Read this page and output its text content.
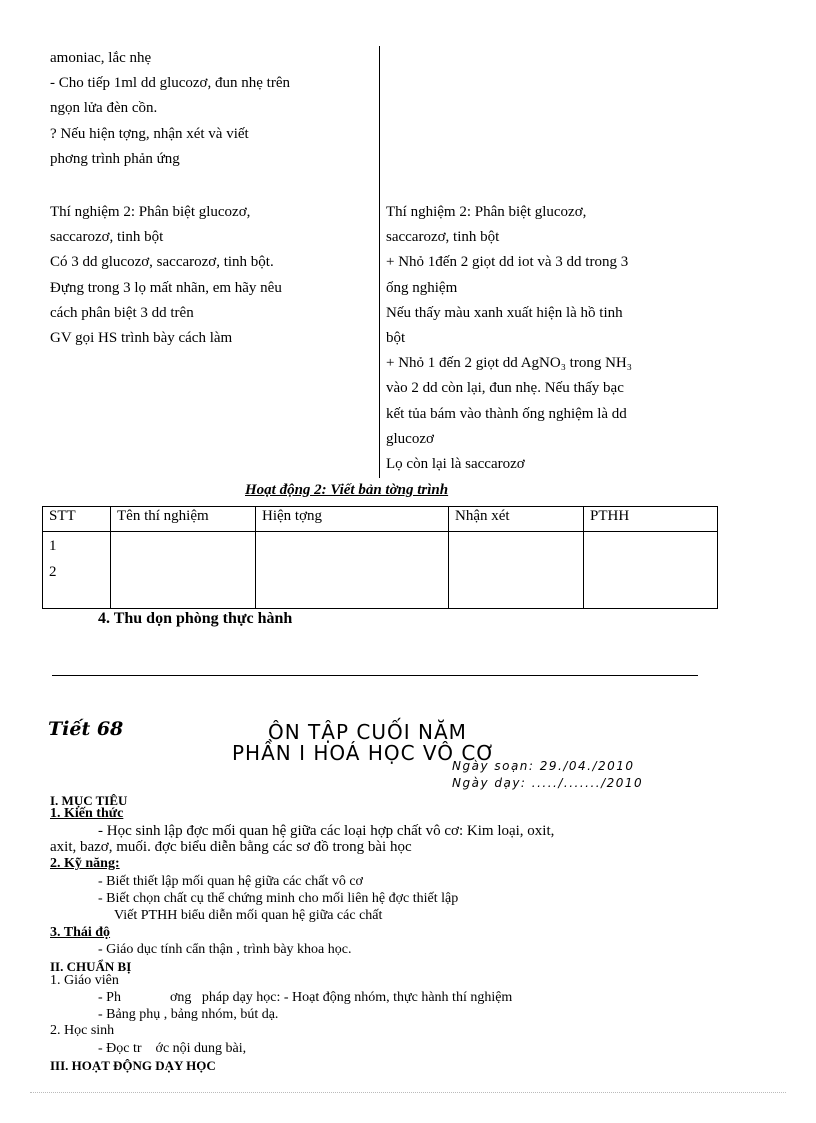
amoniac, lắc nhẹ
- Cho tiếp 1ml dd glucozơ, đun nhẹ trên
ngọn lửa đèn cồn.
? Nếu hiện tợng, nhận xét và viết
phơng trình phản ứng
Thí nghiệm 2: Phân biệt glucozơ,
saccarozơ, tinh bột
Có 3 dd glucozơ, saccarozơ, tinh bột.
Đựng trong 3 lọ mất nhãn, em hãy nêu
cách phân biệt 3 dd trên
GV gọi HS trình bày cách làm
Thí nghiệm 2: Phân biệt glucozơ,
saccarozơ, tinh bột
+ Nhỏ 1đến 2 giọt dd iot và 3 dd trong 3
ống nghiệm
Nếu thấy màu xanh xuất hiện là hồ tinh
bột
+ Nhỏ 1 đến 2 giọt dd AgNO₃ trong NH₃
vào 2 dd còn lại, đun nhẹ. Nếu thấy bạc
kết tủa bám vào thành ống nghiệm là dd
glucozơ
Lọ còn lại là saccarozơ
Hoạt động 2: Viết bản tờng trình
STT	Tên thí nghiệm	Hiện tợng	Nhận xét	PTHH

1
2				

4. Thu dọn phòng thực hành
Tiết 68	ÔN TẬP CUỐI NĂM
PHẦN I HOÁ HỌC VÔ CƠ
Ngày soạn: 29./04./2010
Ngày dạy: ...../......./2010
I. MỤC TIÊU
1. Kiến thức
- Học sinh lập đợc mối quan hệ giữa các loại hợp chất vô cơ: Kim loại, oxit,
axit, bazơ, muối. đợc biểu diễn bằng các sơ đồ trong bài học
2. Kỹ năng:
- Biết thiết lập mối quan hệ giữa các chất vô cơ
- Biết chọn chất cụ thể chứng minh cho mối liên hệ đợc thiết lập
Viết PTHH biểu diễn mối quan hệ giữa các chất
3. Thái độ
- Giáo dục tính cẩn thận , trình bày khoa học.
II. CHUẨN BỊ
1. Giáo viên
- Ph              ơng   pháp dạy học: - Hoạt động nhóm, thực hành thí nghiệm
- Bảng phụ , bảng nhóm, bút dạ.
2. Học sinh
- Đọc tr    ớc nội dung bài,
III. HOẠT ĐỘNG DẠY HỌC
